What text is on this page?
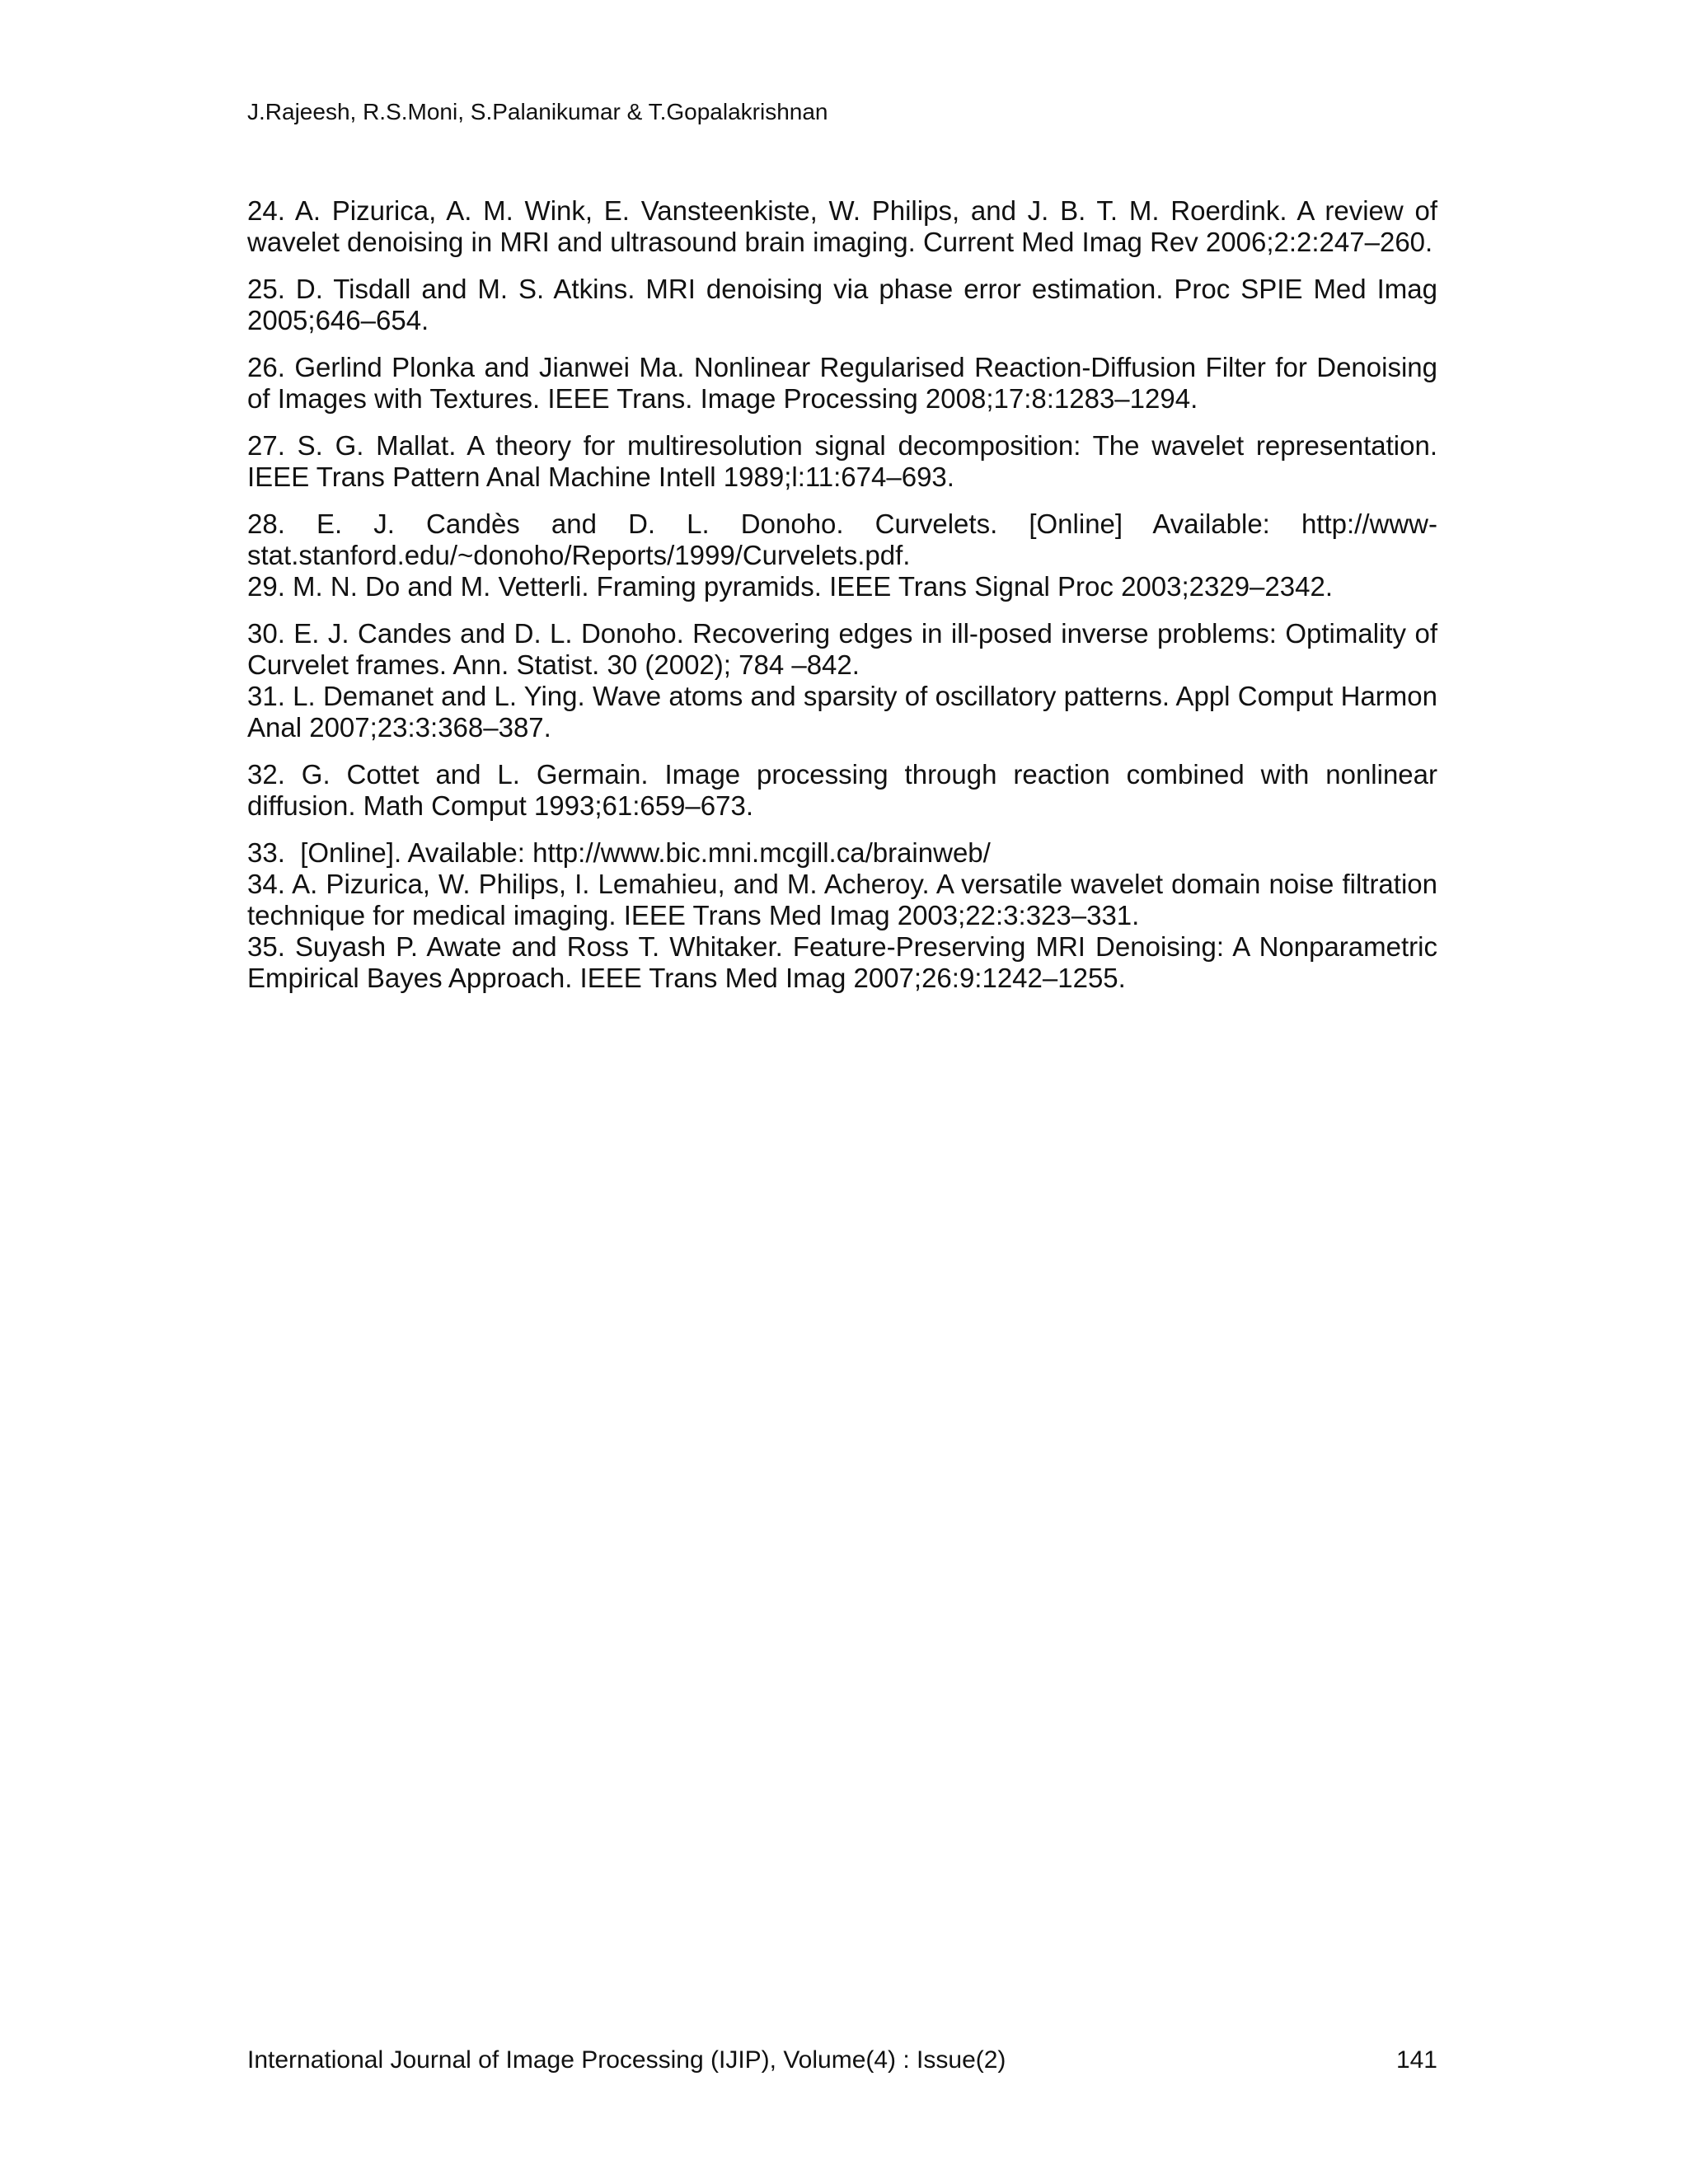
J.Rajeesh, R.S.Moni, S.Palanikumar & T.Gopalakrishnan
24. A. Pizurica, A. M. Wink, E. Vansteenkiste, W. Philips, and J. B. T. M. Roerdink. A review of wavelet denoising in MRI and ultrasound brain imaging. Current Med Imag Rev 2006;2:2:247–260.
25. D. Tisdall and M. S. Atkins. MRI denoising via phase error estimation. Proc SPIE Med Imag 2005;646–654.
26. Gerlind Plonka and Jianwei Ma. Nonlinear Regularised Reaction-Diffusion Filter for Denoising of Images with Textures. IEEE Trans. Image Processing 2008;17:8:1283–1294.
27. S. G. Mallat. A theory for multiresolution signal decomposition: The wavelet representation. IEEE Trans Pattern Anal Machine Intell 1989;l:11:674–693.
28. E. J. Candès and D. L. Donoho. Curvelets. [Online] Available: http://www-stat.stanford.edu/~donoho/Reports/1999/Curvelets.pdf.
29. M. N. Do and M. Vetterli. Framing pyramids. IEEE Trans Signal Proc 2003;2329–2342.
30. E. J. Candes and D. L. Donoho. Recovering edges in ill-posed inverse problems: Optimality of Curvelet frames. Ann. Statist. 30 (2002); 784 –842.
31. L. Demanet and L. Ying. Wave atoms and sparsity of oscillatory patterns. Appl Comput Harmon Anal 2007;23:3:368–387.
32. G. Cottet and L. Germain. Image processing through reaction combined with nonlinear diffusion. Math Comput 1993;61:659–673.
33.  [Online]. Available: http://www.bic.mni.mcgill.ca/brainweb/
34. A. Pizurica, W. Philips, I. Lemahieu, and M. Acheroy. A versatile wavelet domain noise filtration technique for medical imaging. IEEE Trans Med Imag 2003;22:3:323–331.
35. Suyash P. Awate and Ross T. Whitaker. Feature-Preserving MRI Denoising: A Nonparametric Empirical Bayes Approach. IEEE Trans Med Imag 2007;26:9:1242–1255.
International Journal of Image Processing (IJIP), Volume(4) : Issue(2)	141
